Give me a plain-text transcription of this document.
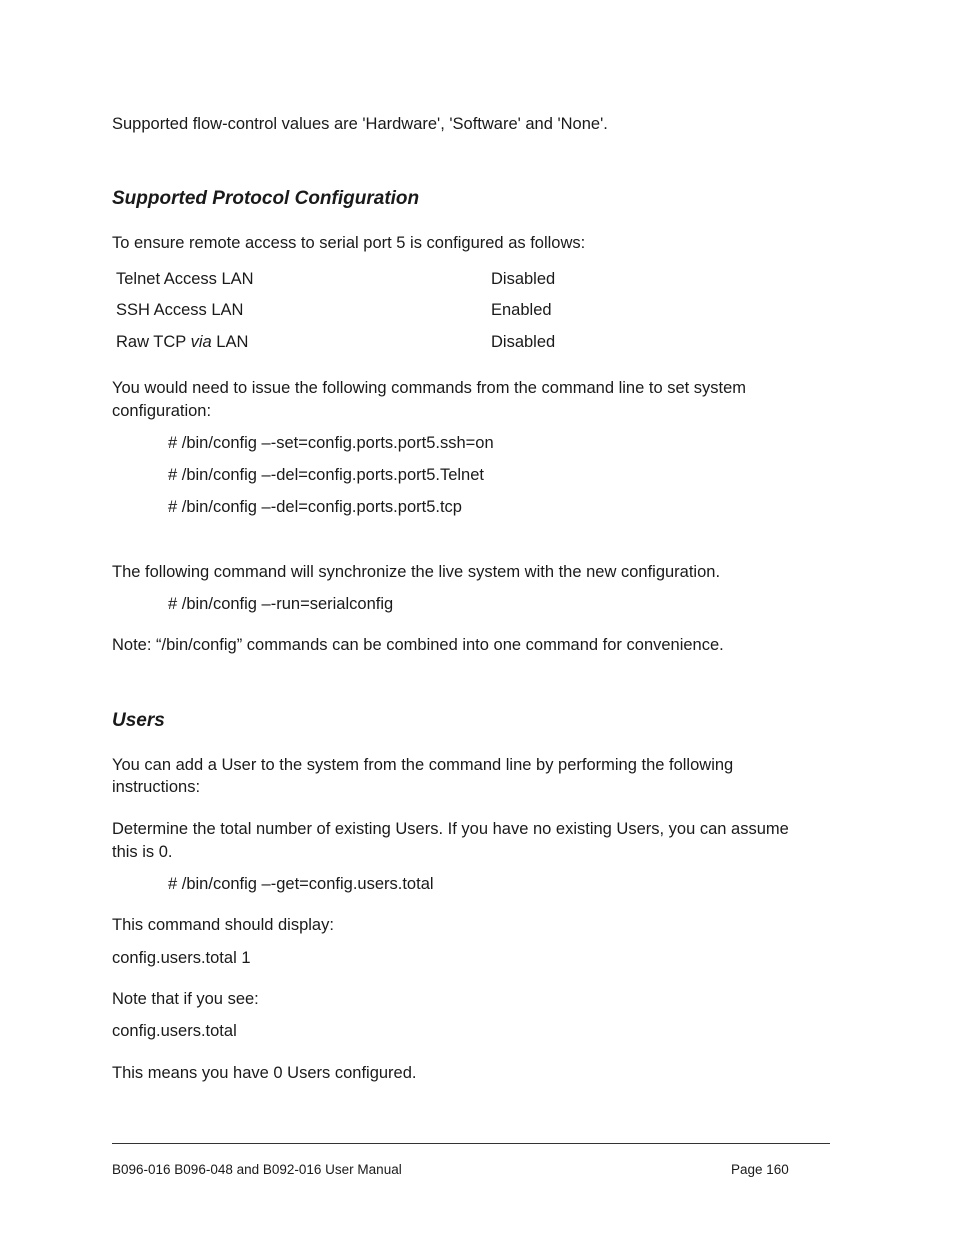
Supported flow-control values are 'Hardware', 'Software' and 'None'.
Supported Protocol Configuration
To ensure remote access to serial port 5 is configured as follows:
Telnet Access LAN	Disabled
SSH Access LAN	Enabled
Raw TCP via LAN	Disabled
You would need to issue the following commands from the command line to set system
configuration:
# /bin/config –-set=config.ports.port5.ssh=on
# /bin/config –-del=config.ports.port5.Telnet
# /bin/config –-del=config.ports.port5.tcp
The following command will synchronize the live system with the new configuration.
# /bin/config –-run=serialconfig
Note: “/bin/config” commands can be combined into one command for convenience.
Users
You can add a User to the system from the command line by performing the following
instructions:
Determine the total number of existing Users. If you have no existing Users, you can assume
this is 0.
# /bin/config –-get=config.users.total
This command should display:
config.users.total 1
Note that if you see:
config.users.total
This means you have 0 Users configured.
B096-016 B096-048 and B092-016 User Manual	Page 160
